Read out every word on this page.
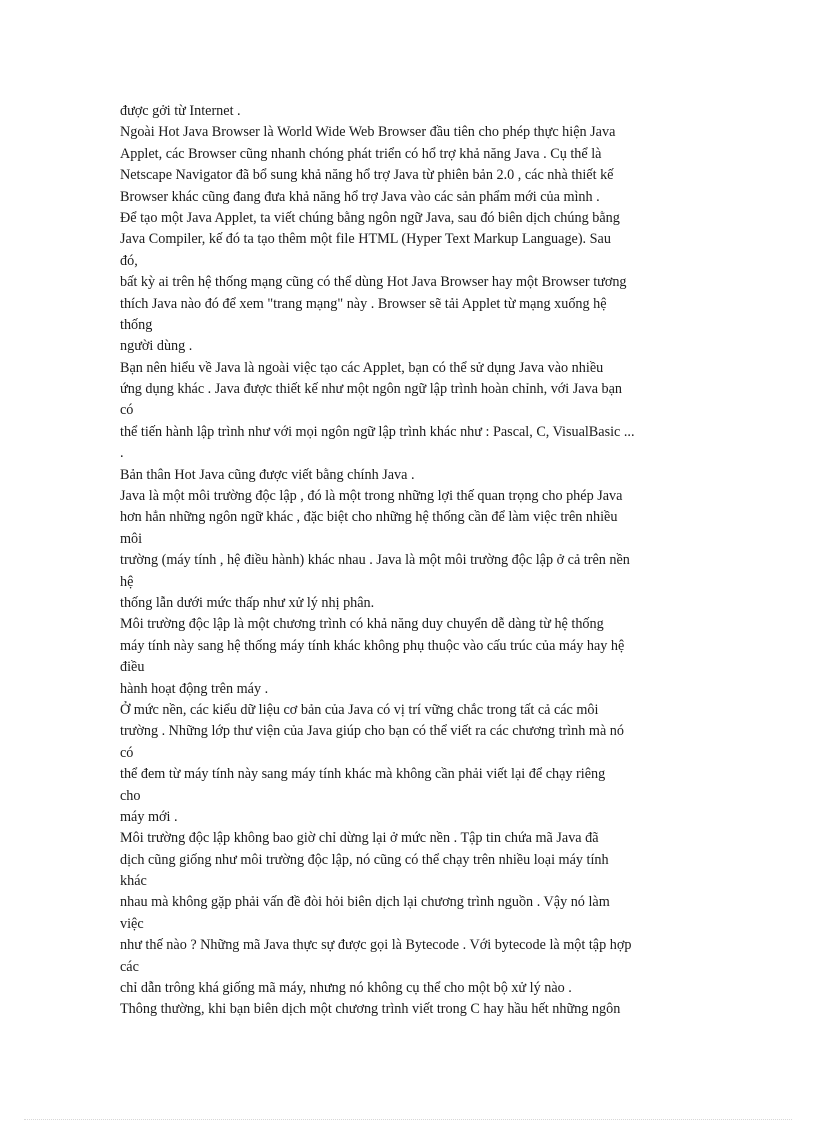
được gởi từ Internet .
Ngoài Hot Java Browser là World Wide Web Browser đầu tiên cho phép thực hiện Java
Applet, các Browser cũng nhanh chóng phát triển có hổ trợ khả năng Java . Cụ thể là
Netscape Navigator đã bổ sung khả năng hổ trợ Java từ phiên bản 2.0 , các nhà thiết kế
Browser khác cũng đang đưa khả năng hổ trợ Java vào các sản phẩm mới của mình .
Để tạo một Java Applet, ta viết chúng bằng ngôn ngữ Java, sau đó biên dịch chúng bằng
Java Compiler, kế đó ta tạo thêm một file HTML (Hyper Text Markup Language). Sau
đó,
bất kỳ ai trên hệ thống mạng cũng có thể dùng Hot Java Browser hay một Browser tương
thích Java nào đó để xem "trang mạng" này . Browser sẽ tải Applet từ mạng xuống hệ
thống
người dùng .
Bạn nên hiểu về Java là ngoài việc tạo các Applet, bạn có thể sử dụng Java vào nhiều
ứng dụng khác . Java được thiết kế như một ngôn ngữ lập trình hoàn chỉnh, với Java bạn
có
thể tiến hành lập trình như với mọi ngôn ngữ lập trình khác như : Pascal, C, VisualBasic ...
.
Bản thân Hot Java cũng được viết bằng chính Java .
Java là một môi trường độc lập , đó là một trong những lợi thế quan trọng cho phép Java
hơn hẳn những ngôn ngữ khác , đặc biệt cho những hệ thống cần để làm việc trên nhiều
môi
trường (máy tính , hệ điều hành) khác nhau . Java là một môi trường độc lập ở cả trên nền
hệ
thống lẫn dưới mức thấp như xử lý nhị phân.
Môi trường độc lập là một chương trình có khả năng duy chuyển dễ dàng từ hệ thống
máy tính này sang hệ thống máy tính khác không phụ thuộc vào cấu trúc của máy hay hệ
điều
hành hoạt động trên máy .
Ở mức nền, các kiểu dữ liệu cơ bản của Java có vị trí vững chắc trong tất cả các môi
trường . Những lớp thư viện của Java giúp cho bạn có thể viết ra các chương trình mà nó
có
thể đem từ máy tính này sang máy tính khác mà không cần phải viết lại để chạy riêng
cho
máy mới .
Môi trường độc lập không bao giờ chỉ dừng lại ở mức nền . Tập tin chứa mã Java đã
dịch cũng giống như môi trường độc lập, nó cũng có thể chạy trên nhiều loại máy tính
khác
nhau mà không gặp phải vấn đề đòi hỏi biên dịch lại chương trình nguồn . Vậy nó làm
việc
như thế nào ? Những mã Java thực sự được gọi là Bytecode . Với bytecode là một tập hợp
các
chỉ dẫn trông khá giống mã máy, nhưng nó không cụ thể cho một bộ xử lý nào .
Thông thường, khi bạn biên dịch một chương trình viết trong C hay hầu hết những ngôn
